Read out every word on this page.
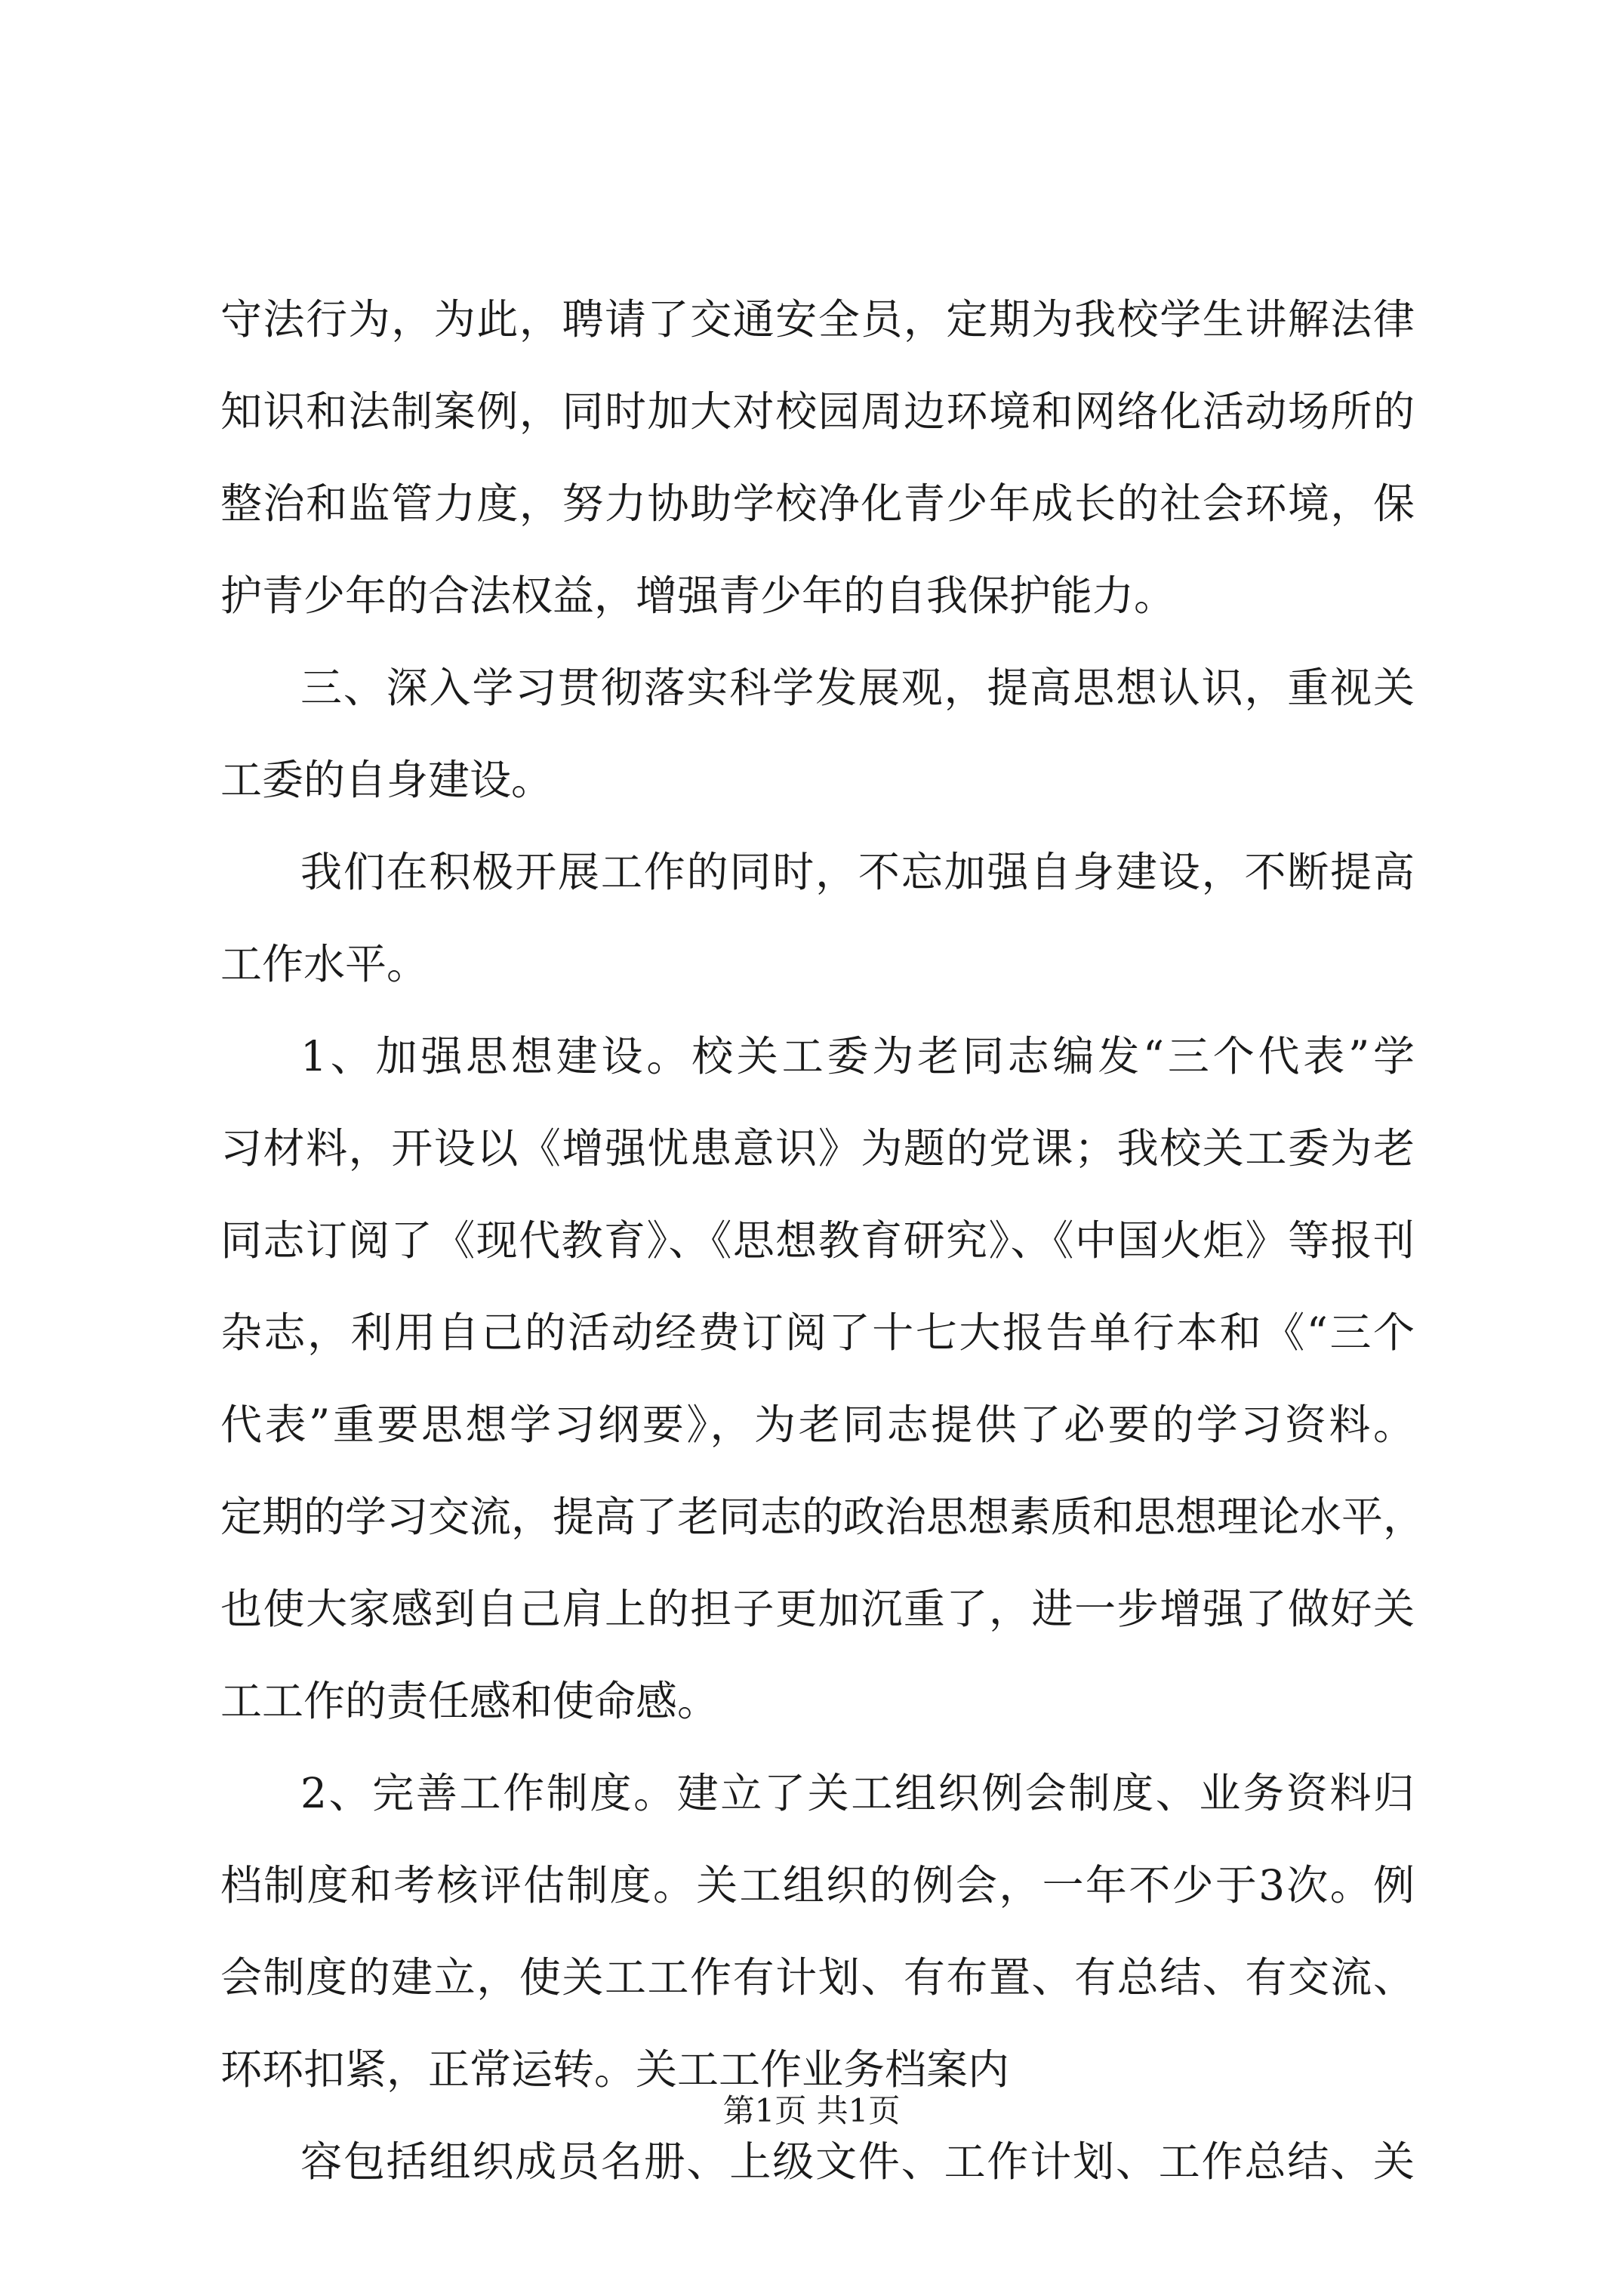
守法行为，为此，聘请了交通安全员，定期为我校学生讲解法律
知识和法制案例，同时加大对校园周边环境和网络化活动场所的
整治和监管力度，努力协助学校净化青少年成长的社会环境，保
护青少年的合法权益，增强青少年的自我保护能力。
三、深入学习贯彻落实科学发展观，提高思想认识，重视关
工委的自身建设。
我们在积极开展工作的同时，不忘加强自身建设，不断提高
工作水平。
1、加强思想建设。校关工委为老同志编发“三个代表”学
习材料，开设以《增强忧患意识》为题的党课；我校关工委为老
同志订阅了《现代教育》、《思想教育研究》、《中国火炬》等报刊
杂志，利用自己的活动经费订阅了十七大报告单行本和《“三个
代表”重要思想学习纲要》，为老同志提供了必要的学习资料。
定期的学习交流，提高了老同志的政治思想素质和思想理论水平，
也使大家感到自己肩上的担子更加沉重了，进一步增强了做好关
工工作的责任感和使命感。
2、完善工作制度。建立了关工组织例会制度、业务资料归
档制度和考核评估制度。关工组织的例会，一年不少于3次。例
会制度的建立，使关工工作有计划、有布置、有总结、有交流、
环环扣紧，正常运转。关工工作业务档案内
容包括组织成员名册、上级文件、工作计划、工作总结、关
第1页 共1页
